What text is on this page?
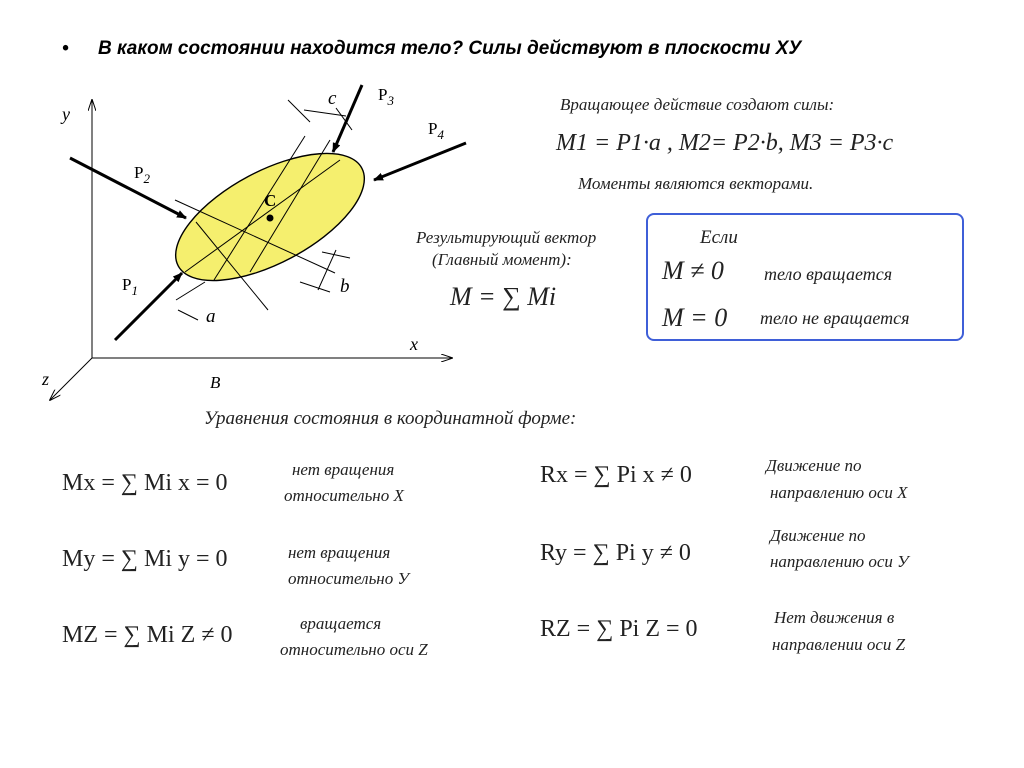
• В каком состоянии находится тело? Силы действуют в плоскости ХУ
y
x
z	B
C
$P_1$
$P_2$
$P_3$
$P_4$
a
b
c	Вращающее действие создают силы:
M1 = P1·a , M2= P2·b, M3 = P3·c
Моменты являются векторами.
Результирующий вектор
(Главный момент):
M = ∑ Mi
Если
M ≠ 0 тело вращается
M = 0 тело не вращается
Уравнения состояния в координатной форме:
Mx = ∑ Mi x = 0
нет вращения
относительно Х
My = ∑ Mi y = 0	нет вращения
относительно У
MZ = ∑ Mi Z ≠ 0	вращается
относительно оси Z
Rx = ∑ Pi x ≠ 0	Движение по
направлению оси Х
Ry = ∑ Pi y ≠ 0
Движение по
направлению оси У
RZ = ∑ Pi Z = 0	Нет движения в
направлении оси Z
